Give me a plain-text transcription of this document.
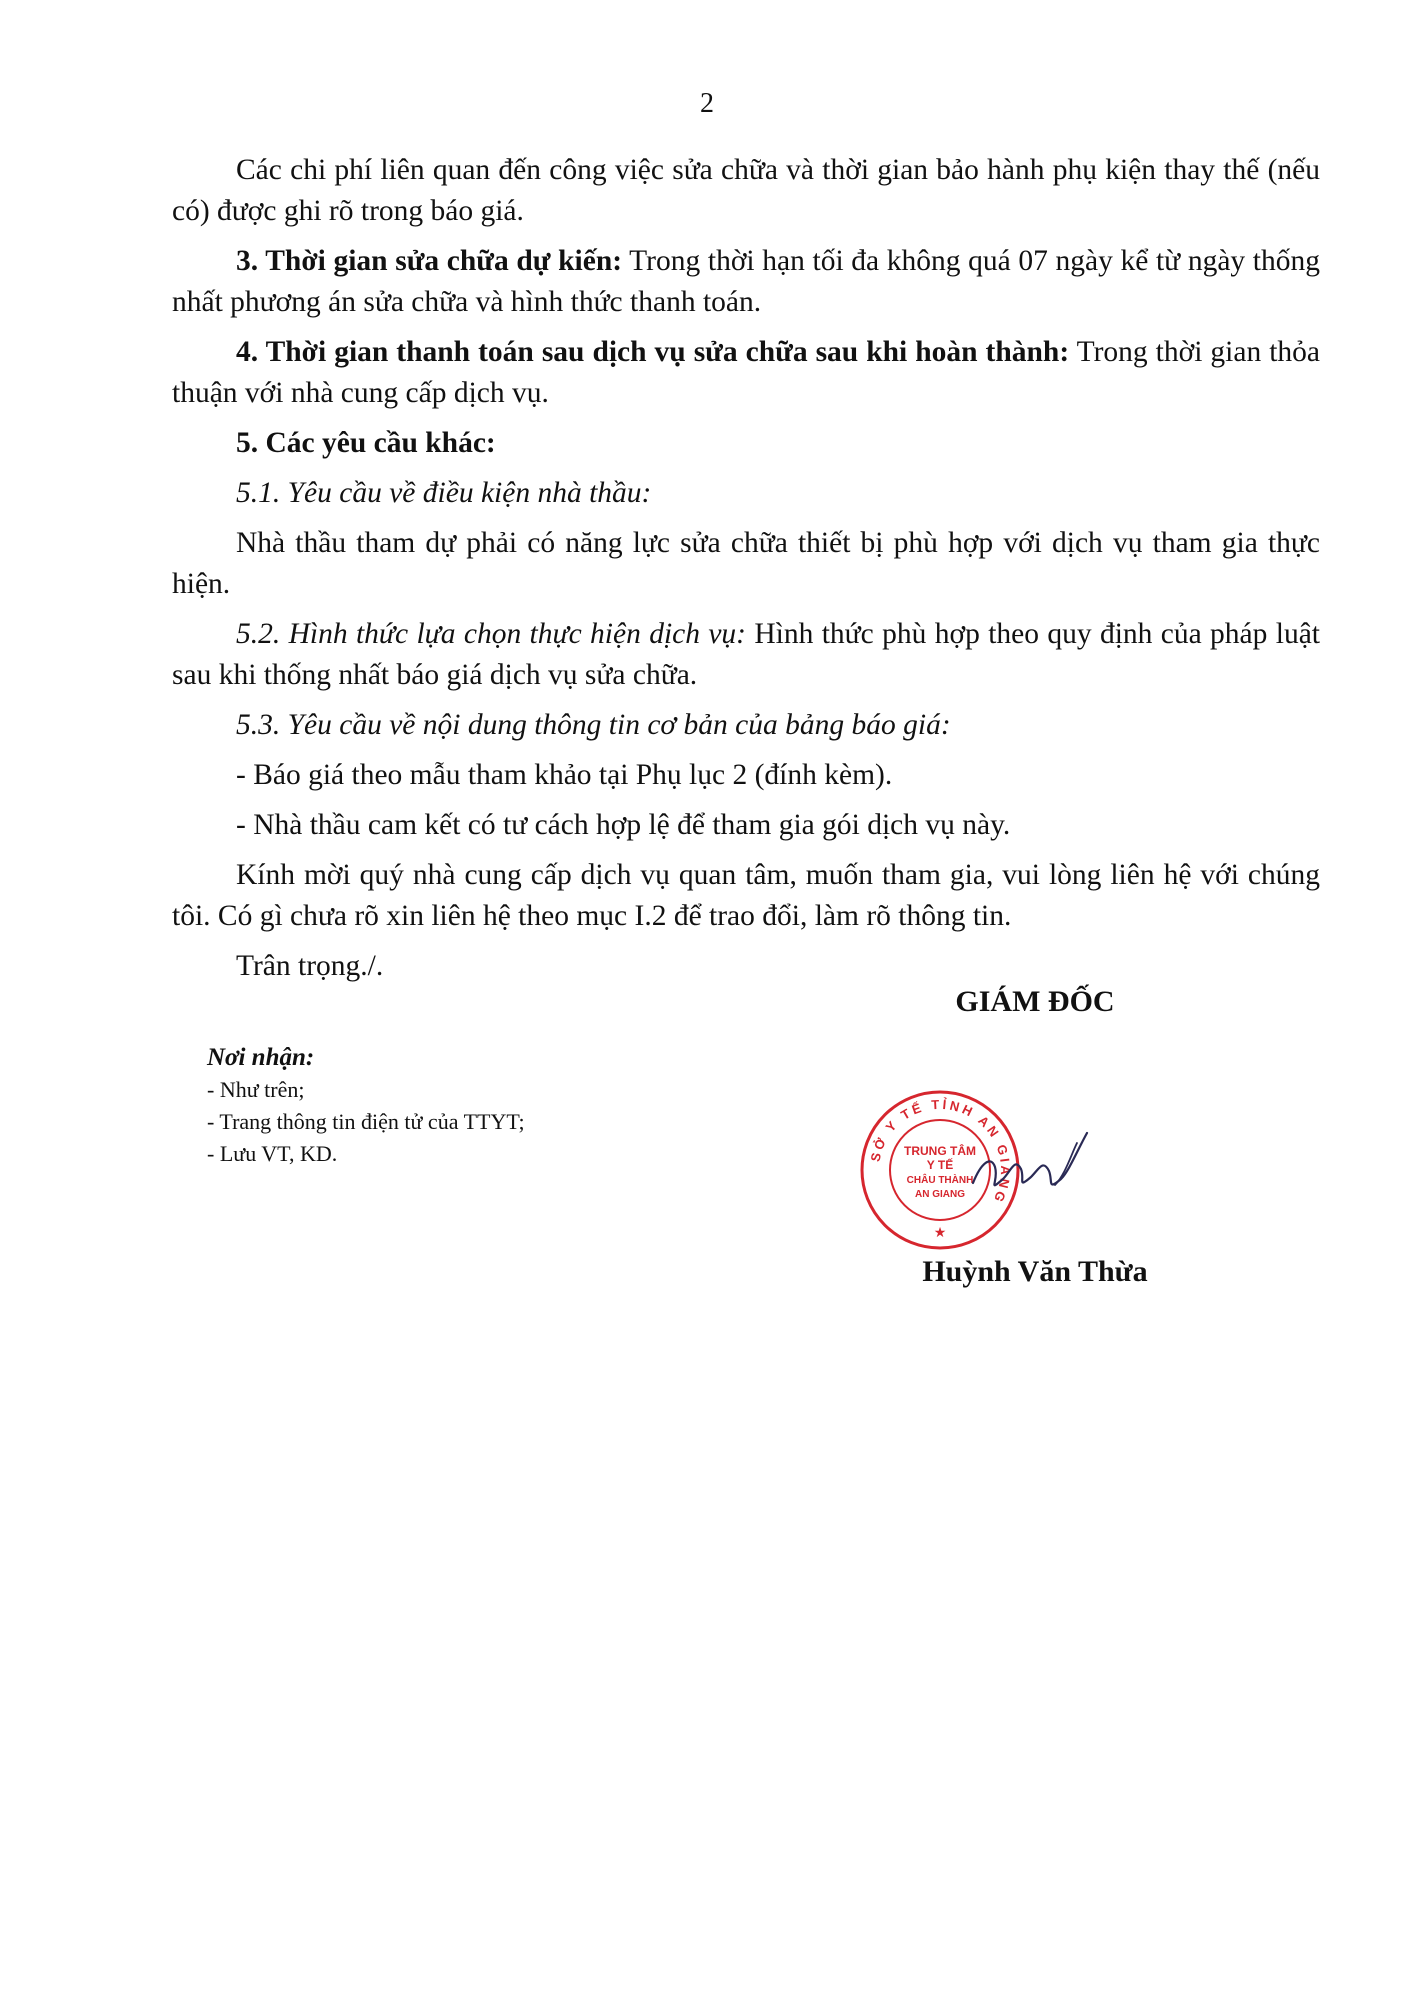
2

Các chi phí liên quan đến công việc sửa chữa và thời gian bảo hành phụ kiện thay thế (nếu có) được ghi rõ trong báo giá.

3. Thời gian sửa chữa dự kiến: Trong thời hạn tối đa không quá 07 ngày kể từ ngày thống nhất phương án sửa chữa và hình thức thanh toán.

4. Thời gian thanh toán sau dịch vụ sửa chữa sau khi hoàn thành: Trong thời gian thỏa thuận với nhà cung cấp dịch vụ.

5. Các yêu cầu khác:

5.1. Yêu cầu về điều kiện nhà thầu:

Nhà thầu tham dự phải có năng lực sửa chữa thiết bị phù hợp với dịch vụ tham gia thực hiện.

5.2. Hình thức lựa chọn thực hiện dịch vụ: Hình thức phù hợp theo quy định của pháp luật sau khi thống nhất báo giá dịch vụ sửa chữa.

5.3. Yêu cầu về nội dung thông tin cơ bản của bảng báo giá:

- Báo giá theo mẫu tham khảo tại Phụ lục 2 (đính kèm).

- Nhà thầu cam kết có tư cách hợp lệ để tham gia gói dịch vụ này.

Kính mời quý nhà cung cấp dịch vụ quan tâm, muốn tham gia, vui lòng liên hệ với chúng tôi. Có gì chưa rõ xin liên hệ theo mục I.2 để trao đổi, làm rõ thông tin.

Trân trọng./.

GIÁM ĐỐC
Nơi nhận:
- Như trên;
- Trang thông tin điện tử của TTYT;
- Lưu VT, KD.	SỞ Y TẾ TỈNH AN GIANG
★
TRUNG TÂM
Y TẾ
CHÂU THÀNH
AN GIANG
Huỳnh Văn Thừa
